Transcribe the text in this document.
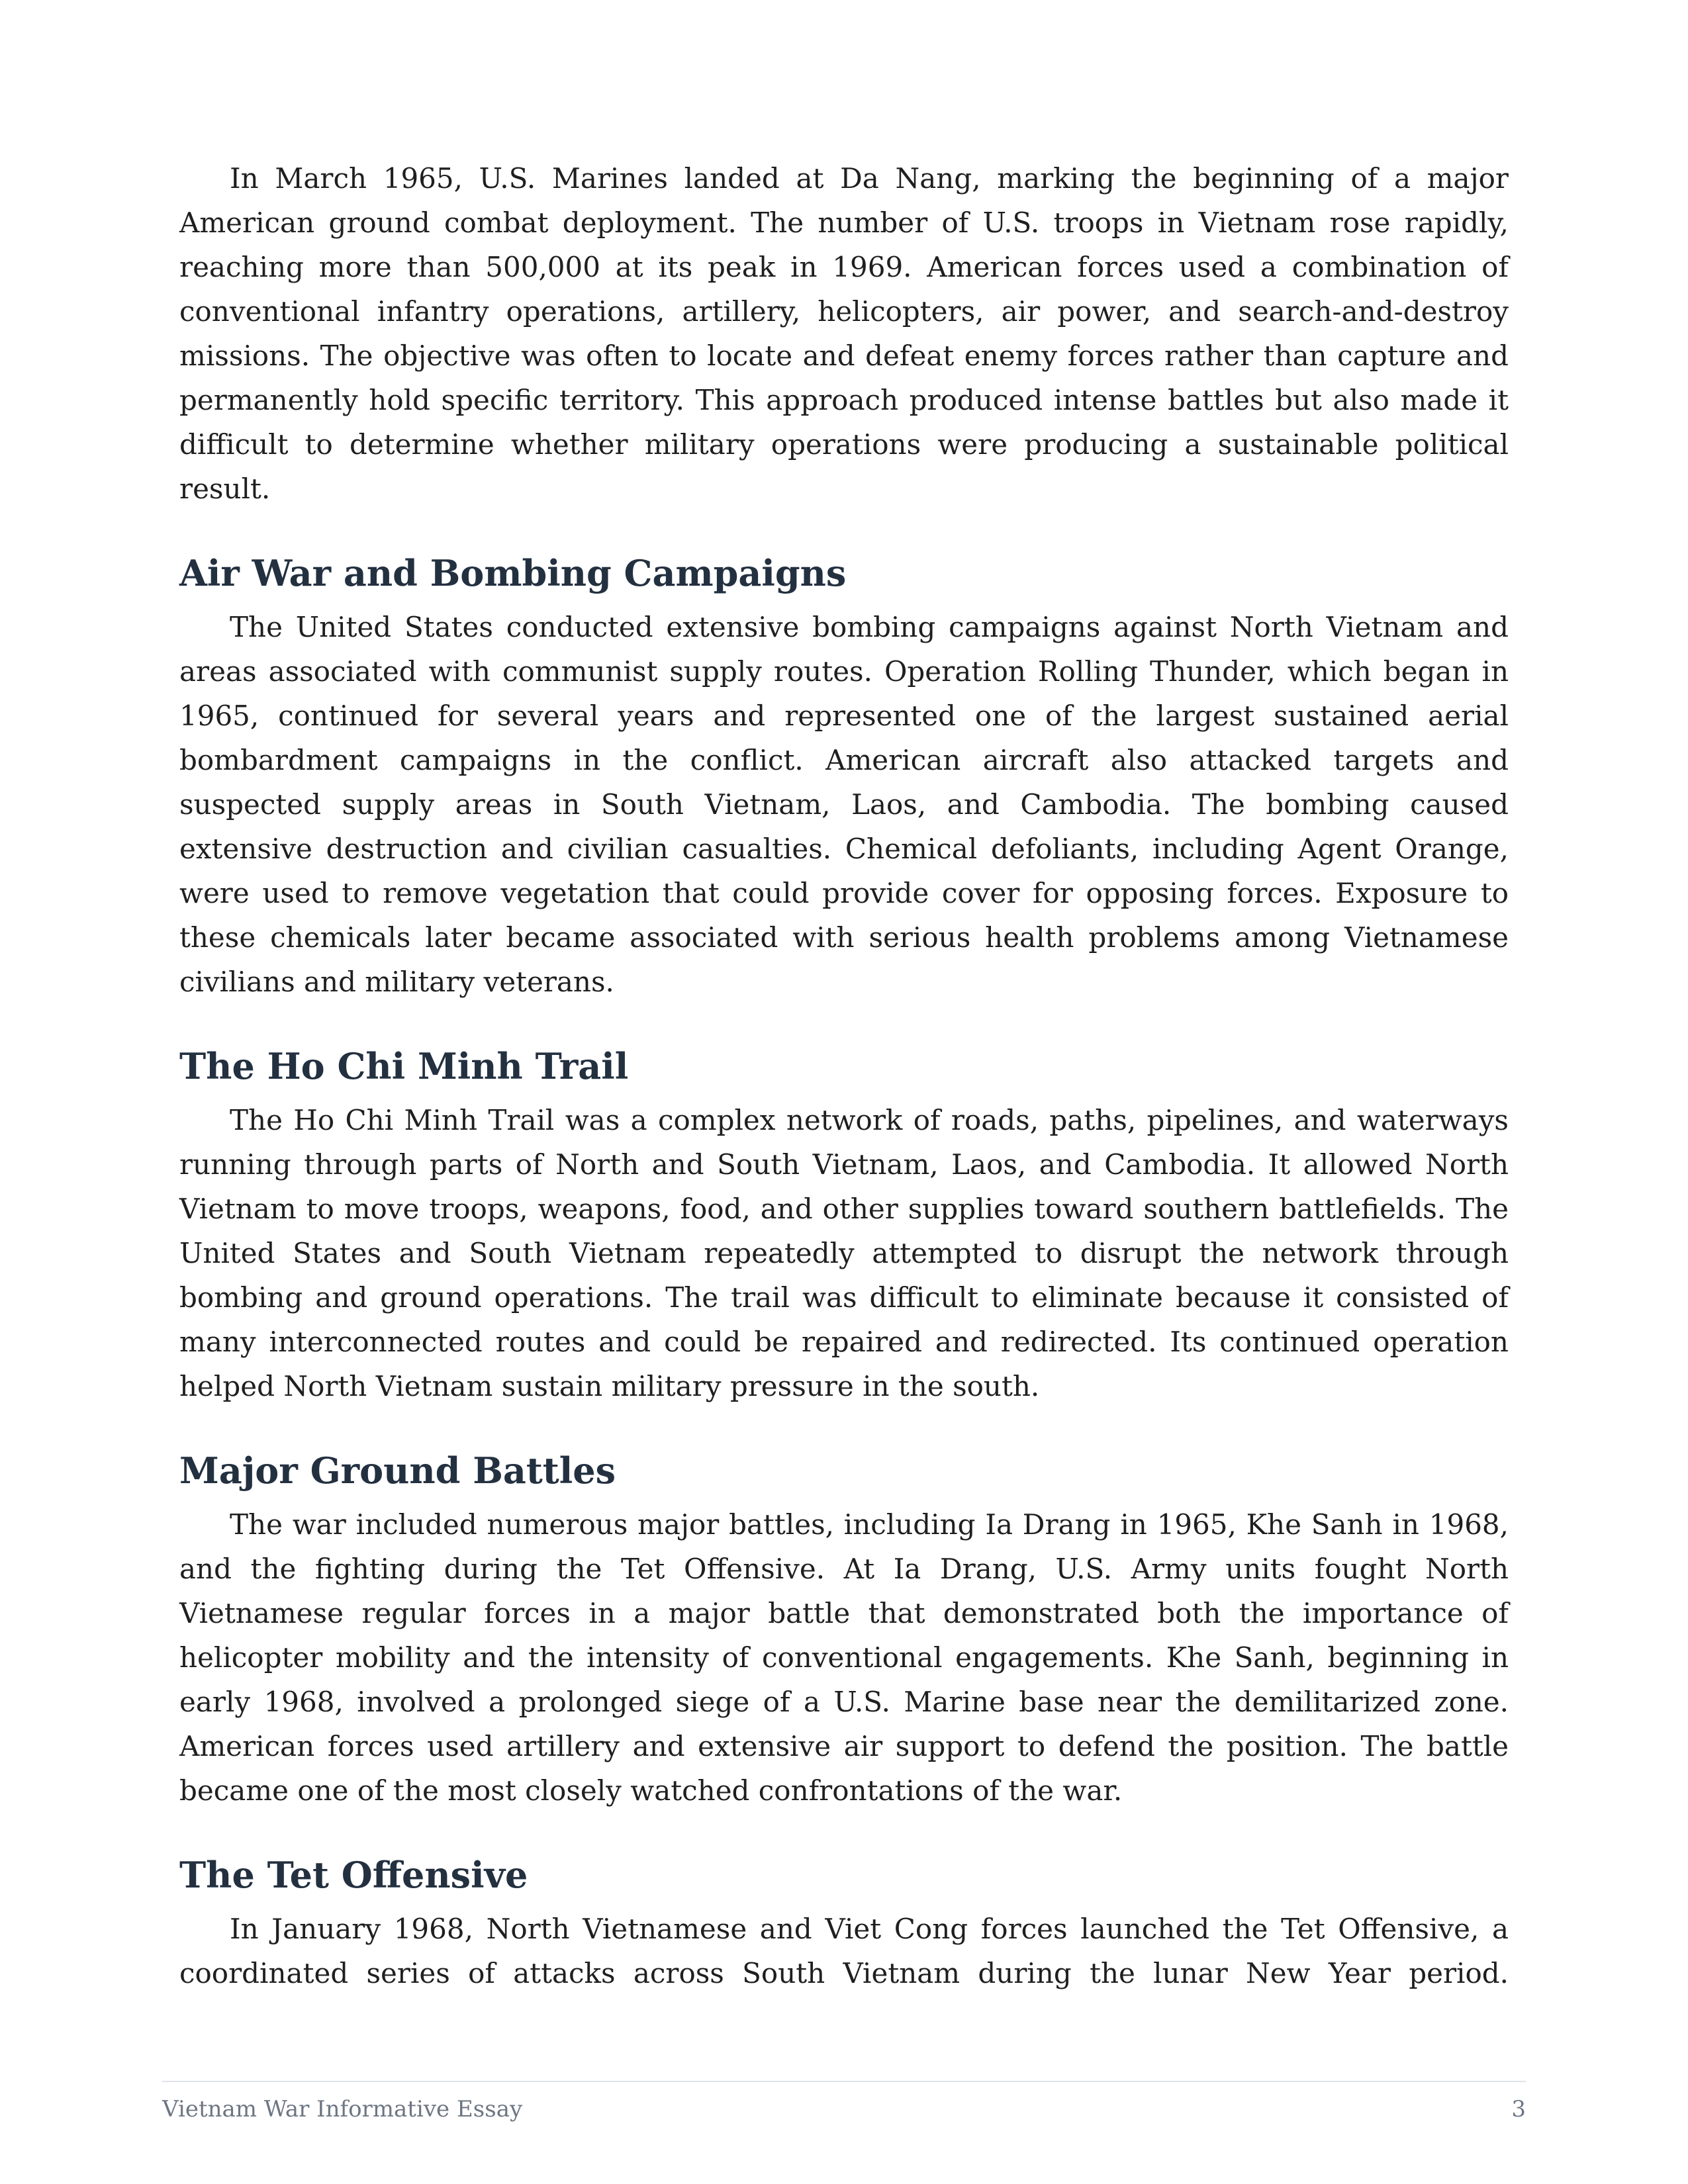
In March 1965, U.S. Marines landed at Da Nang, marking the beginning of a major American ground combat deployment. The number of U.S. troops in Vietnam rose rapidly, reaching more than 500,000 at its peak in 1969. American forces used a combination of conventional infantry operations, artillery, helicopters, air power, and search-and-destroy missions. The objective was often to locate and defeat enemy forces rather than capture and permanently hold specific territory. This approach produced intense battles but also made it difficult to determine whether military operations were producing a sustainable political result.

Air War and Bombing Campaigns

The United States conducted extensive bombing campaigns against North Vietnam and areas associated with communist supply routes. Operation Rolling Thunder, which began in 1965, continued for several years and represented one of the largest sustained aerial bombardment campaigns in the conflict. American aircraft also attacked targets and suspected supply areas in South Vietnam, Laos, and Cambodia. The bombing caused extensive destruction and civilian casualties. Chemical defoliants, including Agent Orange, were used to remove vegetation that could provide cover for opposing forces. Exposure to these chemicals later became associated with serious health problems among Vietnamese civilians and military veterans.

The Ho Chi Minh Trail

The Ho Chi Minh Trail was a complex network of roads, paths, pipelines, and waterways running through parts of North and South Vietnam, Laos, and Cambodia. It allowed North Vietnam to move troops, weapons, food, and other supplies toward southern battlefields. The United States and South Vietnam repeatedly attempted to disrupt the network through bombing and ground operations. The trail was difficult to eliminate because it consisted of many interconnected routes and could be repaired and redirected. Its continued operation helped North Vietnam sustain military pressure in the south.

Major Ground Battles

The war included numerous major battles, including Ia Drang in 1965, Khe Sanh in 1968, and the fighting during the Tet Offensive. At Ia Drang, U.S. Army units fought North Vietnamese regular forces in a major battle that demonstrated both the importance of helicopter mobility and the intensity of conventional engagements. Khe Sanh, beginning in early 1968, involved a prolonged siege of a U.S. Marine base near the demilitarized zone. American forces used artillery and extensive air support to defend the position. The battle became one of the most closely watched confrontations of the war.

The Tet Offensive

In January 1968, North Vietnamese and Viet Cong forces launched the Tet Offensive, a coordinated series of attacks across South Vietnam during the lunar New Year period.

Vietnam War Informative Essay	3
